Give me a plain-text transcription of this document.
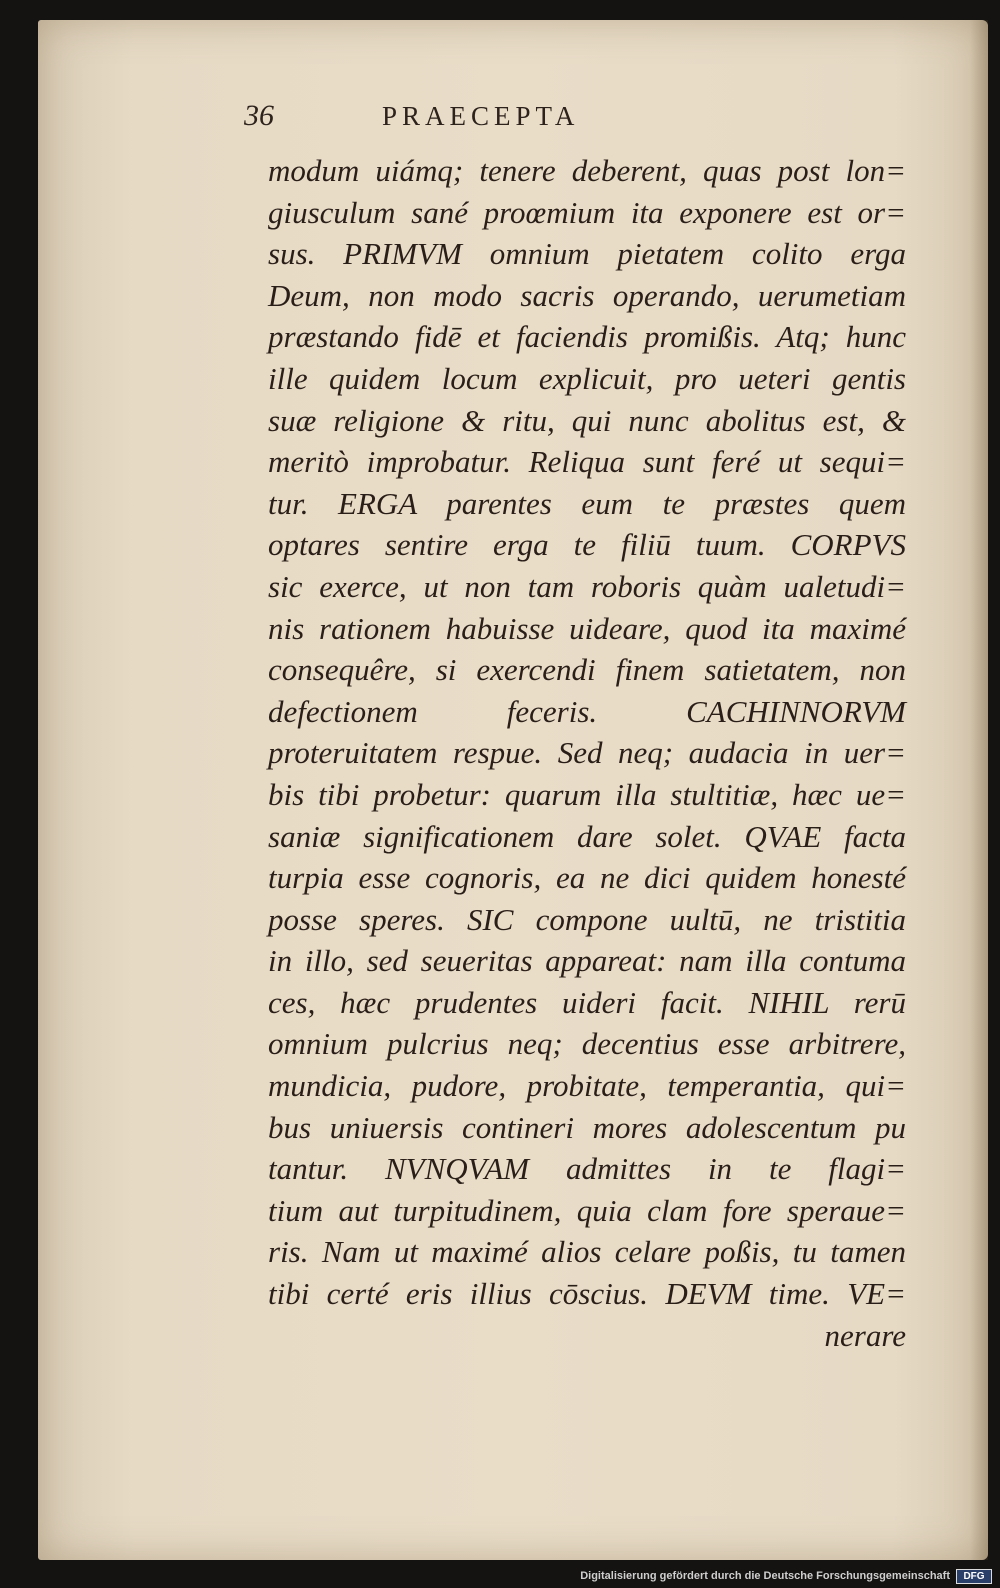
36	PRAECEPTA
modum uiámq; tenere deberent, quas post lon=
giusculum sané proœmium ita exponere est or=
sus. PRIMVM omnium pietatem colito erga
Deum, non modo sacris operando, uerumetiam
præstando fidē et faciendis promißis. Atq; hunc
ille quidem locum explicuit, pro ueteri gentis
suæ religione & ritu, qui nunc abolitus est, &
meritò improbatur. Reliqua sunt feré ut sequi=
tur. ERGA parentes eum te præstes quem
optares sentire erga te filiū tuum. CORPVS
sic exerce, ut non tam roboris quàm ualetudi=
nis rationem habuisse uideare, quod ita maximé
consequêre, si exercendi finem satietatem, non
defectionem feceris. CACHINNORVM
proteruitatem respue. Sed neq; audacia in uer=
bis tibi probetur: quarum illa stultitiæ, hæc ue=
saniæ significationem dare solet. QVAE facta
turpia esse cognoris, ea ne dici quidem honesté
posse speres. SIC compone uultū, ne tristitia
in illo, sed seueritas appareat: nam illa contuma
ces, hæc prudentes uideri facit. NIHIL rerū
omnium pulcrius neq; decentius esse arbitrere,
mundicia, pudore, probitate, temperantia, qui=
bus uniuersis contineri mores adolescentum pu
tantur. NVNQVAM admittes in te flagi=
tium aut turpitudinem, quia clam fore speraue=
ris. Nam ut maximé alios celare poßis, tu tamen
tibi certé eris illius cōscius. DEVM time. VE=
nerare
Digitalisierung gefördert durch die Deutsche Forschungsgemeinschaft	DFG
